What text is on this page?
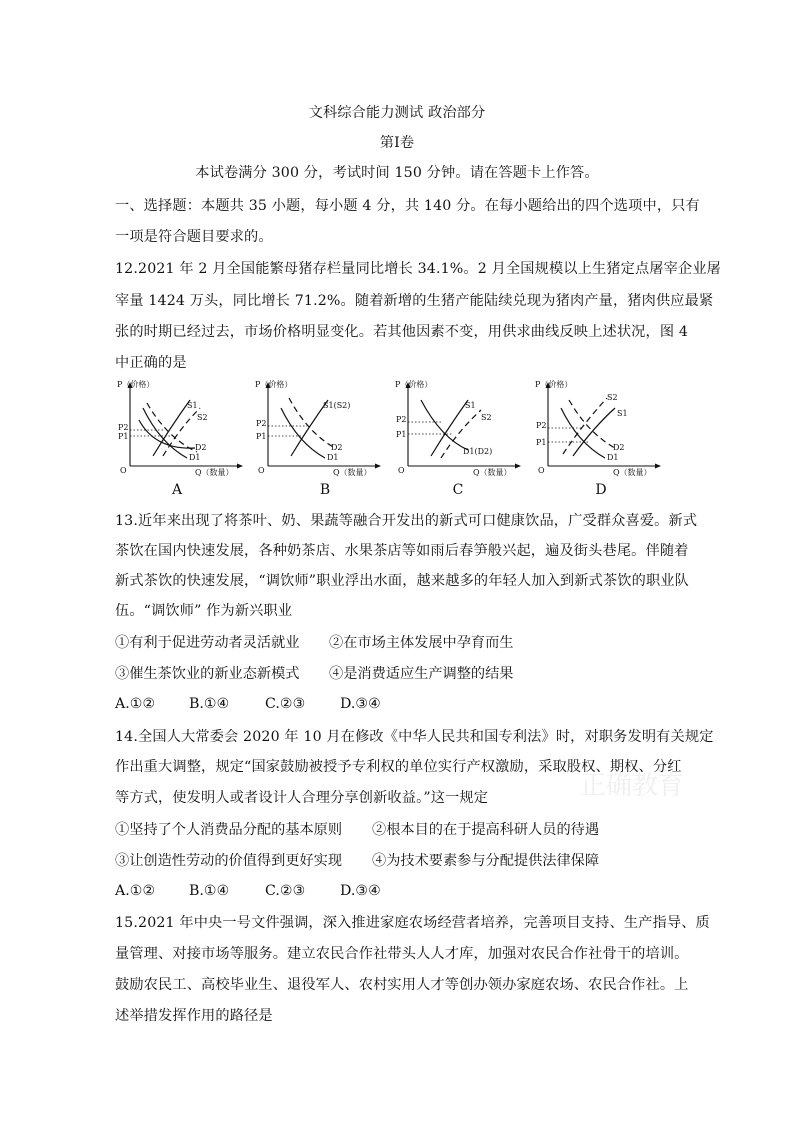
文科综合能力测试 政治部分
第Ⅰ卷
本试卷满分 300 分，考试时间 150 分钟。请在答题卡上作答。
一、选择题：本题共 35 小题，每小题 4 分，共 140 分。在每小题给出的四个选项中，只有
一项是符合题目要求的。
12.2021 年 2 月全国能繁母猪存栏量同比增长 34.1%。2 月全国规模以上生猪定点屠宰企业屠
宰量 1424 万头，同比增长 71.2%。随着新增的生猪产能陆续兑现为猪肉产量，猪肉供应最紧
张的时期已经过去，市场价格明显变化。若其他因素不变，用供求曲线反映上述状况，图 4
中正确的是
P（价格）
Q（数量）
O
P2
P1
S1
S2
D2
D1
A
P（价格）
Q（数量）
O
P2
P1
S1(S2)
D2
D1
B
P（价格）
Q（数量）
O
P2
P1
S1
S2
D1(D2)
C
P（价格）
Q（数量）
O
P2
P1
S2
S1
D2
D1
D
13.近年来出现了将茶叶、奶、果蔬等融合开发出的新式可口健康饮品，广受群众喜爱。新式
茶饮在国内快速发展，各种奶茶店、水果茶店等如雨后春笋般兴起，遍及街头巷尾。伴随着
新式茶饮的快速发展，“调饮师”职业浮出水面，越来越多的年轻人加入到新式茶饮的职业队
伍。“调饮师” 作为新兴职业
①有利于促进劳动者灵活就业 ②在市场主体发展中孕育而生
③催生茶饮业的新业态新模式 ④是消费适应生产调整的结果
A.①② B.①④	C.②③ D.③④
14.全国人大常委会 2020 年 10 月在修改《中华人民共和国专利法》时，对职务发明有关规定
作出重大调整，规定“国家鼓励被授予专利权的单位实行产权激励，采取股权、期权、分红
等方式，使发明人或者设计人合理分享创新收益。”这一规定	正确教育
①坚持了个人消费品分配的基本原则 ②根本目的在于提高科研人员的待遇
③让创造性劳动的价值得到更好实现 ④为技术要素参与分配提供法律保障
A.①② B.①④	C.②③ D.③④
15.2021 年中央一号文件强调，深入推进家庭农场经营者培养，完善项目支持、生产指导、质
量管理、对接市场等服务。建立农民合作社带头人人才库，加强对农民合作社骨干的培训。
鼓励农民工、高校毕业生、退役军人、农村实用人才等创办领办家庭农场、农民合作社。上
述举措发挥作用的路径是
